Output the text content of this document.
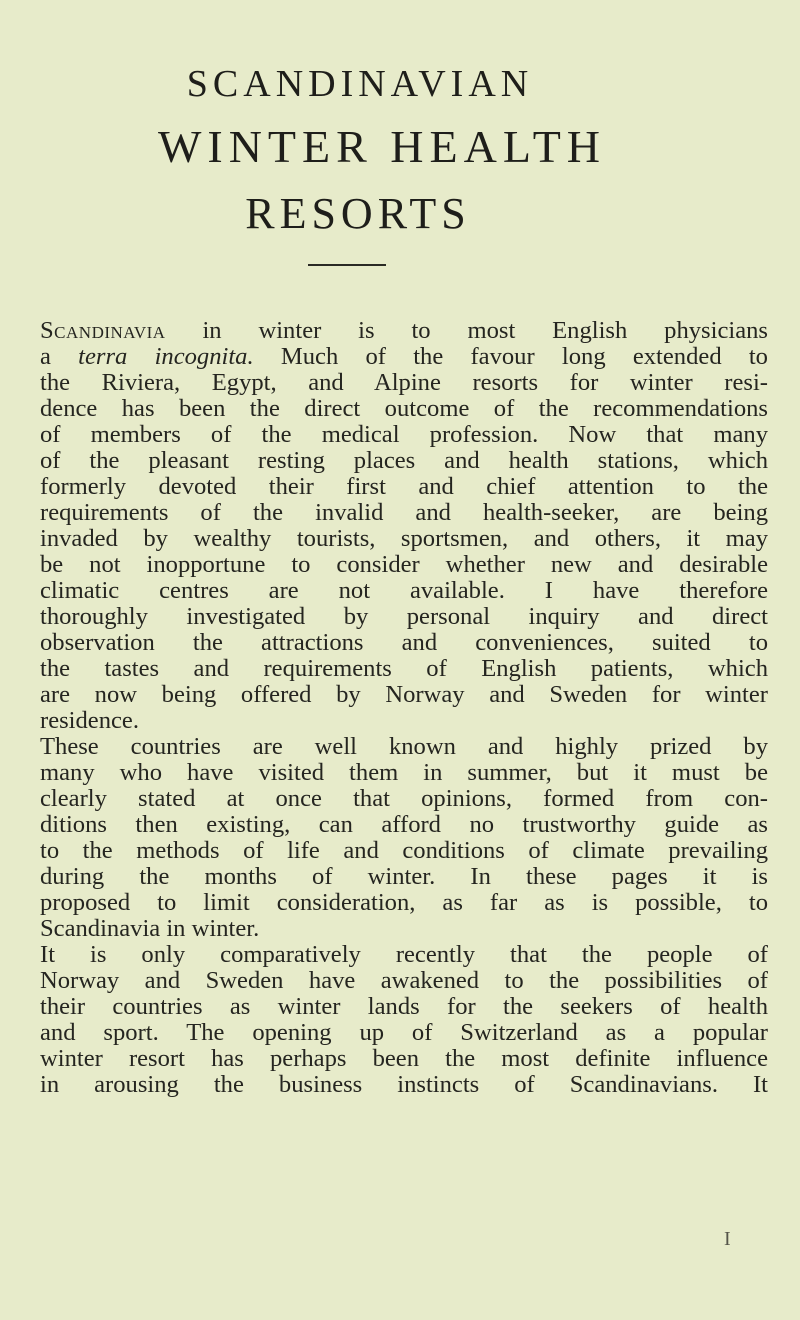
SCANDINAVIAN
WINTER HEALTH
RESORTS
Scandinavia in winter is to most English physicians
a terra incognita. Much of the favour long extended to
the Riviera, Egypt, and Alpine resorts for winter resi-
dence has been the direct outcome of the recommendations
of members of the medical profession. Now that many
of the pleasant resting places and health stations, which
formerly devoted their first and chief attention to the
requirements of the invalid and health-seeker, are being
invaded by wealthy tourists, sportsmen, and others, it may
be not inopportune to consider whether new and desirable
climatic centres are not available. I have therefore
thoroughly investigated by personal inquiry and direct
observation the attractions and conveniences, suited to
the tastes and requirements of English patients, which
are now being offered by Norway and Sweden for winter
residence.
These countries are well known and highly prized by
many who have visited them in summer, but it must be
clearly stated at once that opinions, formed from con-
ditions then existing, can afford no trustworthy guide as
to the methods of life and conditions of climate prevailing
during the months of winter. In these pages it is
proposed to limit consideration, as far as is possible, to
Scandinavia in winter.
It is only comparatively recently that the people of
Norway and Sweden have awakened to the possibilities of
their countries as winter lands for the seekers of health
and sport. The opening up of Switzerland as a popular
winter resort has perhaps been the most definite influence
in arousing the business instincts of Scandinavians. It
I
